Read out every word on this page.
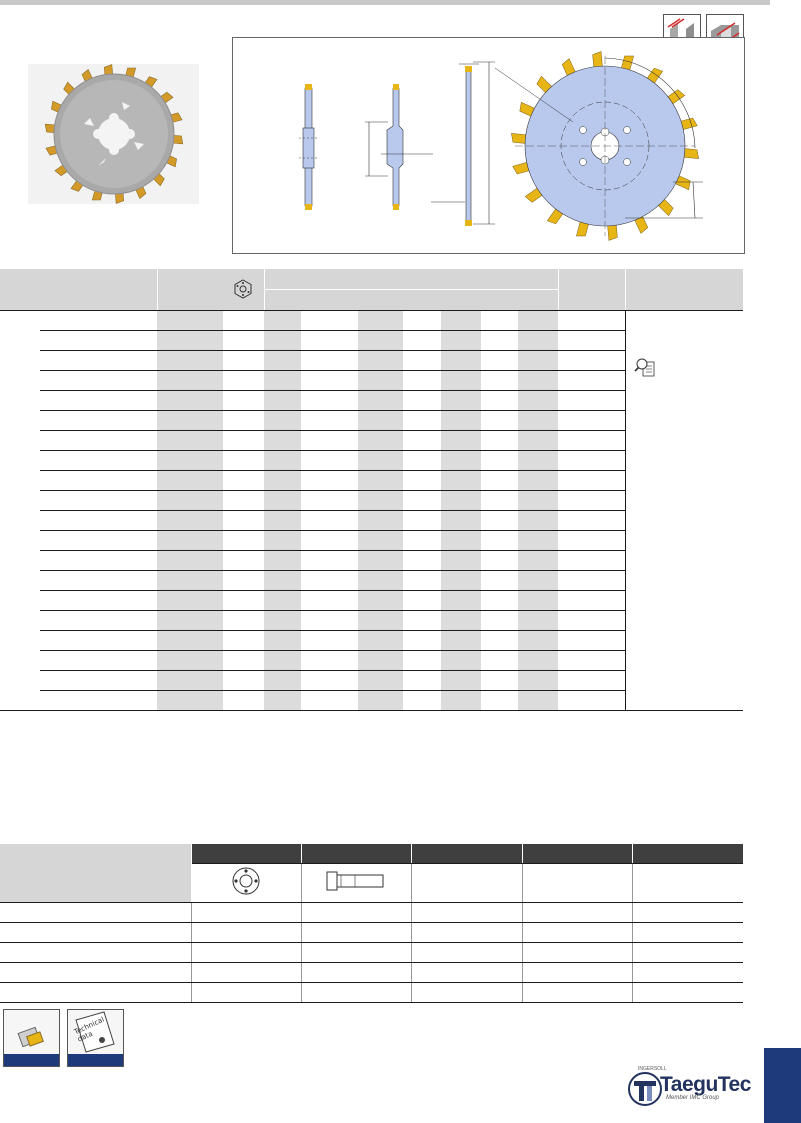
Technical data
INGERSOLL
TaeguTec
Member IMC Group
